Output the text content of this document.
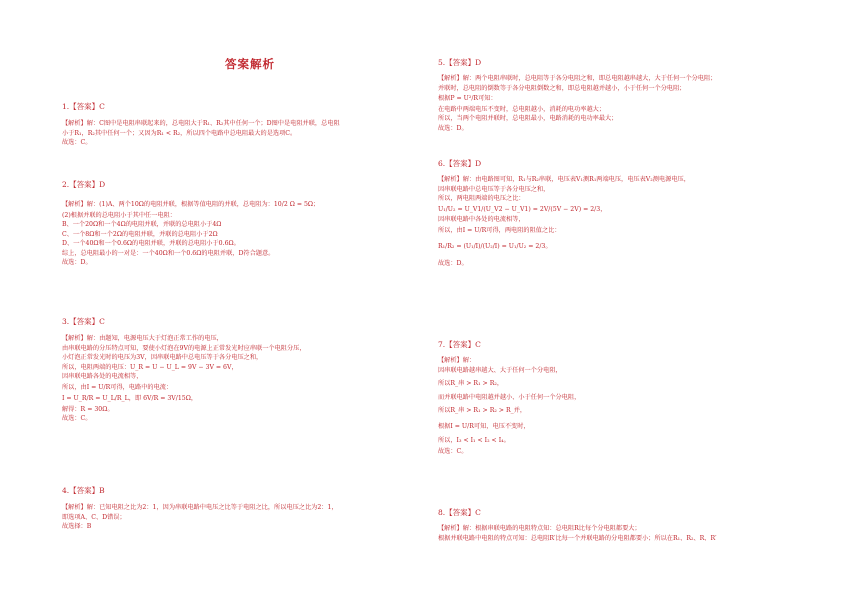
答案解析
1.【答案】C
【解析】解：C图中是电阻串联起来的，总电阻大于R₁、R₂其中任何一个；D图中是电阻并联，总电阻
小于R₁，R₂其中任何一个；又因为R₁ < R₂，所以四个电路中总电阻最大的是选项C。
故选：C。
2.【答案】D
【解析】解：(1)A、两个10Ω的电阻并联，根据等值电阻的并联，总电阻为：10/2 Ω = 5Ω；
(2)根据并联的总电阻小于其中任一电阻：
B、一个20Ω和一个4Ω的电阻并联，并联的总电阻小于4Ω
C、一个8Ω和一个2Ω的电阻并联，并联的总电阻小于2Ω
D、一个40Ω和一个0.6Ω的电阻并联，并联的总电阻小于0.6Ω。
综上，总电阻最小的一对是：一个40Ω和一个0.6Ω的电阻并联，D符合题意。
故选：D。
3.【答案】C
【解析】解：由题知，电源电压大于灯泡正常工作的电压，
由串联电路的分压特点可知，要使小灯泡在9V的电源上正常发光时应串联一个电阻分压，
小灯泡正常发光时的电压为3V，因串联电路中总电压等于各分电压之和，
所以，电阻两端的电压：U_R = U − U_L = 9V − 3V = 6V，
因串联电路各处的电流相等，
所以，由I = U/R可得，电路中的电流：
I = U_R/R = U_L/R_L，即 6V/R = 3V/15Ω，
解得：R = 30Ω。
故选：C。
4.【答案】B
【解析】解：已知电阻之比为2：1，因为串联电路中电压之比等于电阻之比，所以电压之比为2：1，
即选项A、C、D错误；
故选择：B
5.【答案】D
【解析】解：两个电阻串联时，总电阻等于各分电阻之和，即总电阻越串越大，大于任何一个分电阻；
并联时，总电阻的倒数等于各分电阻倒数之和，即总电阻越并越小，小于任何一个分电阻；
根据P = U²/R可知：
在电路中两端电压不变时，总电阻越小，消耗的电功率越大；
所以，当两个电阻并联时，总电阻最小，电路消耗的电功率最大；
故选：D。
6.【答案】D
【解析】解：由电路图可知，R₁与R₂串联，电压表V₁测R₁两端电压，电压表V₂测电源电压，
因串联电路中总电压等于各分电压之和，
所以，两电阻两端的电压之比：
U₁/U₂ = U_V1/(U_V2 − U_V1) = 2V/(5V − 2V) = 2/3，
因串联电路中各处的电流相等，
所以，由I = U/R可得，两电阻的阻值之比：
R₁/R₂ = (U₁/I)/(U₂/I) = U₁/U₂ = 2/3。
故选：D。
7.【答案】C
【解析】解：
因串联电路越串越大、大于任何一个分电阻，
所以R_串 > R₁ > R₂，
而并联电路中电阻越并越小、小于任何一个分电阻，
所以R_串 > R₁ > R₂ > R_并，
根据I = U/R可知，电压不变时，
所以，I₃ < I₁ < I₂ < I₄。
故选：C。
8.【答案】C
【解析】解：根据串联电路的电阻特点知：总电阻R比每个分电阻都要大；
根据并联电路中电阻的特点可知：总电阻R′比每一个并联电路的分电阻都要小；所以在R₁、R₂、R、R′
